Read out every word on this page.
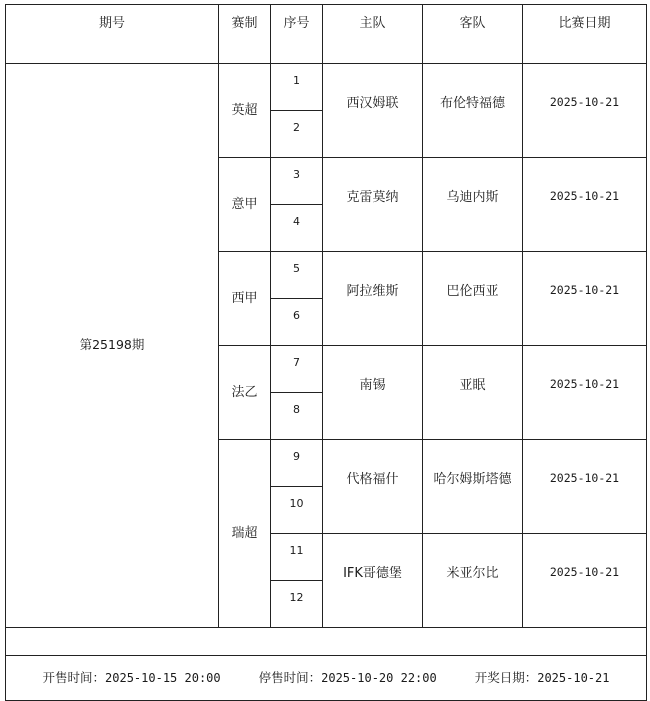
期号	赛制	序号	主队	客队	比赛日期
第25198期	英超	1	西汉姆联	布伦特福德	2025-10-21
		2			
	意甲	3	克雷莫纳	乌迪内斯	2025-10-21
		4			
	西甲	5	阿拉维斯	巴伦西亚	2025-10-21
		6			
	法乙	7	南锡	亚眠	2025-10-21
		8			
	瑞超	9	代格福什	哈尔姆斯塔德	2025-10-21
		10			
		11	IFK哥德堡	米亚尔比	2025-10-21
		12			

开售时间：2025-10-15 20:00 停售时间：2025-10-20 22:00 开奖日期：2025-10-21					
